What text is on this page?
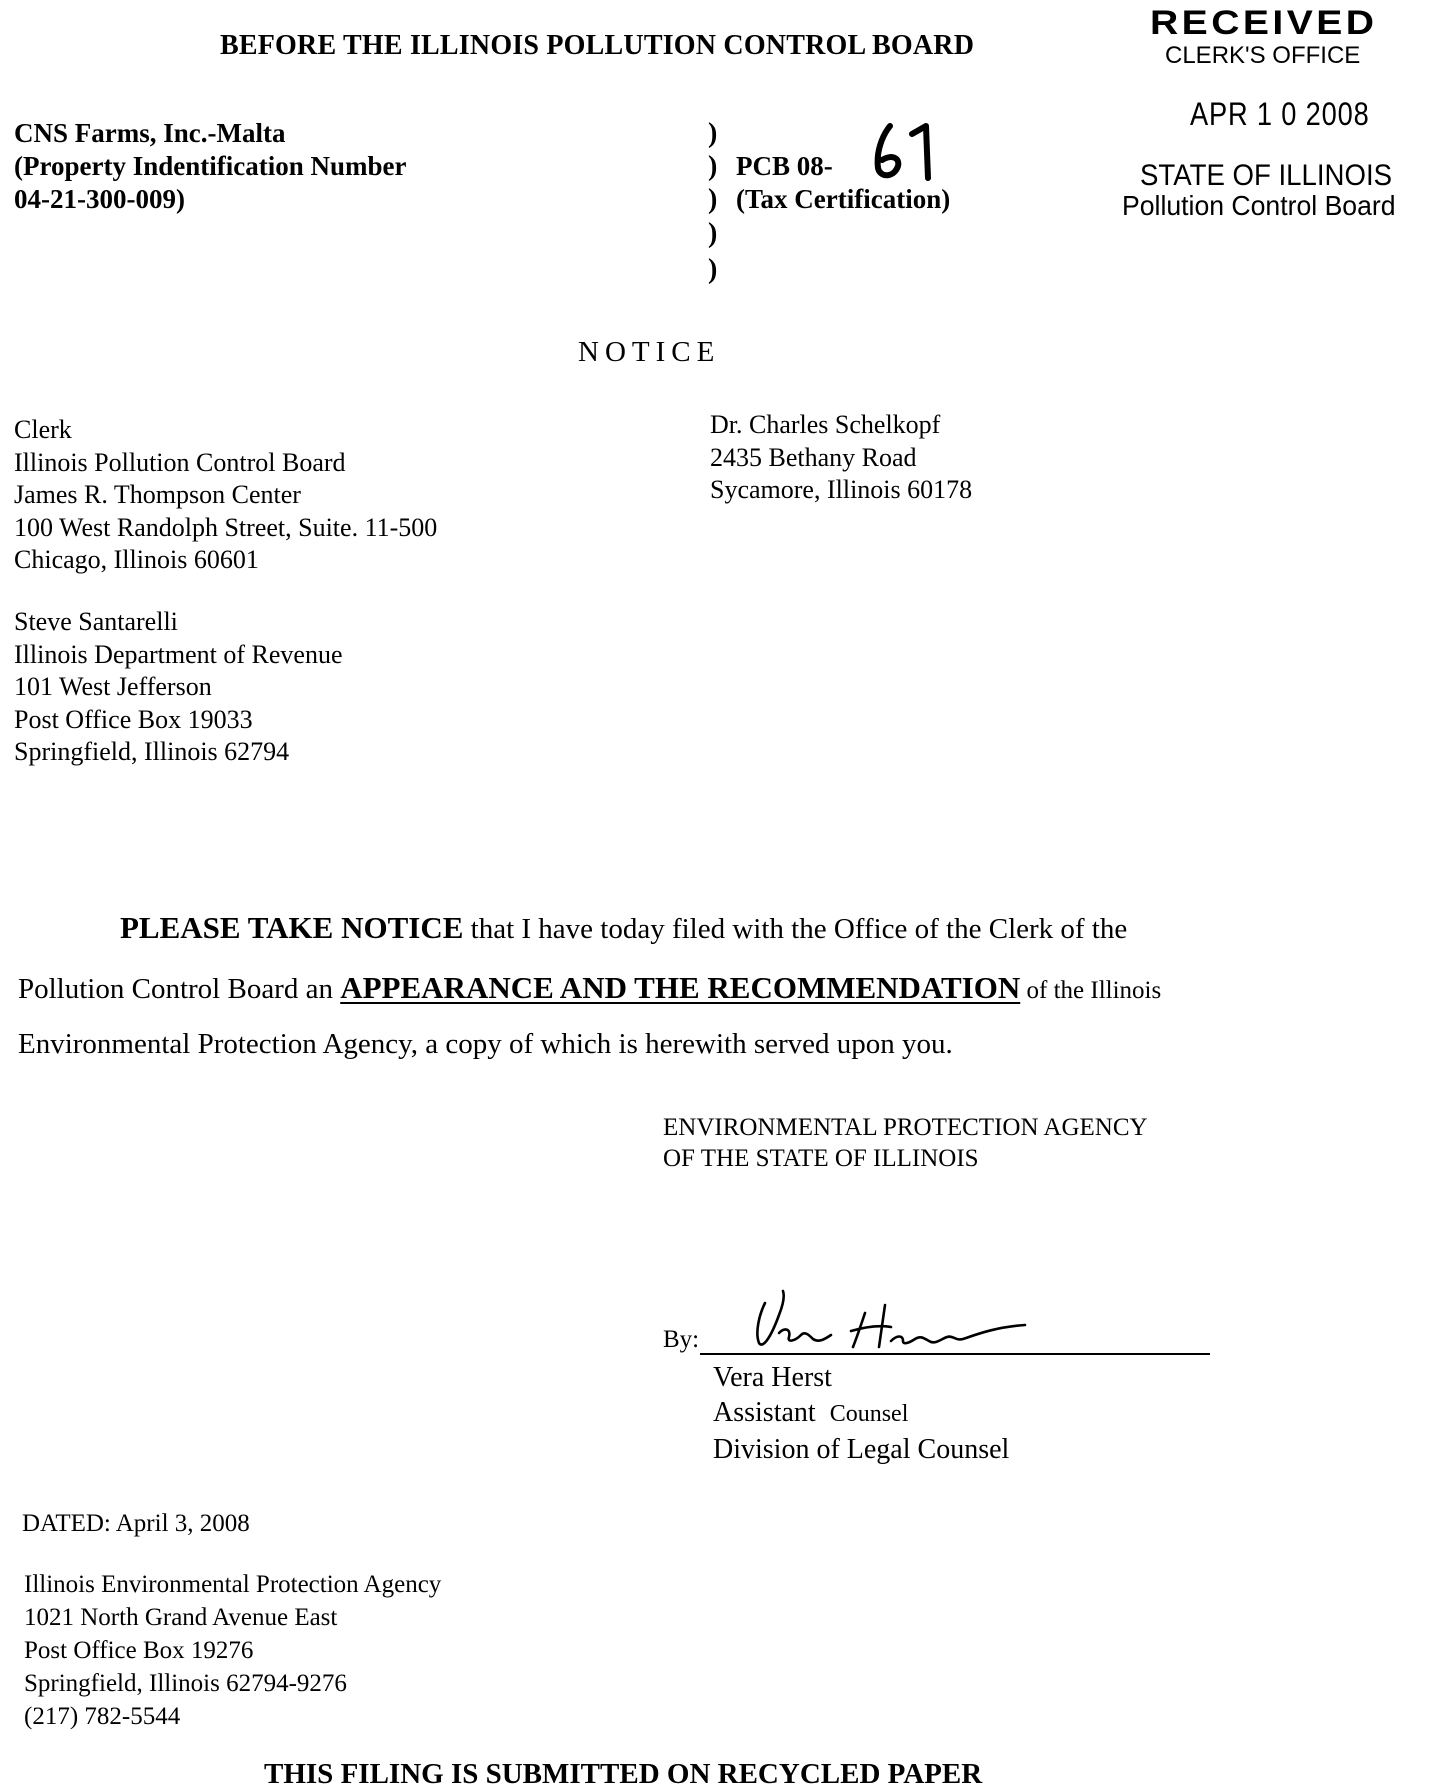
BEFORE THE ILLINOIS POLLUTION CONTROL BOARD
RECEIVED
CLERK'S OFFICE
APR 1 0 2008
STATE OF ILLINOIS
Pollution Control Board
CNS Farms, Inc.-Malta
(Property Indentification Number
04-21-300-009)
)
)
)
)
)
PCB 08-
(Tax Certification)
NOTICE
Clerk
Illinois Pollution Control Board
James R. Thompson Center
100 West Randolph Street, Suite. 11-500
Chicago, Illinois 60601
Dr. Charles Schelkopf
2435 Bethany Road
Sycamore, Illinois 60178
Steve Santarelli
Illinois Department of Revenue
101 West Jefferson
Post Office Box 19033
Springfield, Illinois 62794
PLEASE TAKE NOTICE that I have today filed with the Office of the Clerk of the
Pollution Control Board an APPEARANCE AND THE RECOMMENDATION of the Illinois
Environmental Protection Agency, a copy of which is herewith served upon you.
ENVIRONMENTAL PROTECTION AGENCY
OF THE STATE OF ILLINOIS
By:
Vera Herst
Vera Herst
Assistant Counsel
Division of Legal Counsel
DATED: April 3, 2008
Illinois Environmental Protection Agency
1021 North Grand Avenue East
Post Office Box 19276
Springfield, Illinois 62794-9276
(217) 782-5544
THIS FILING IS SUBMITTED ON RECYCLED PAPER
